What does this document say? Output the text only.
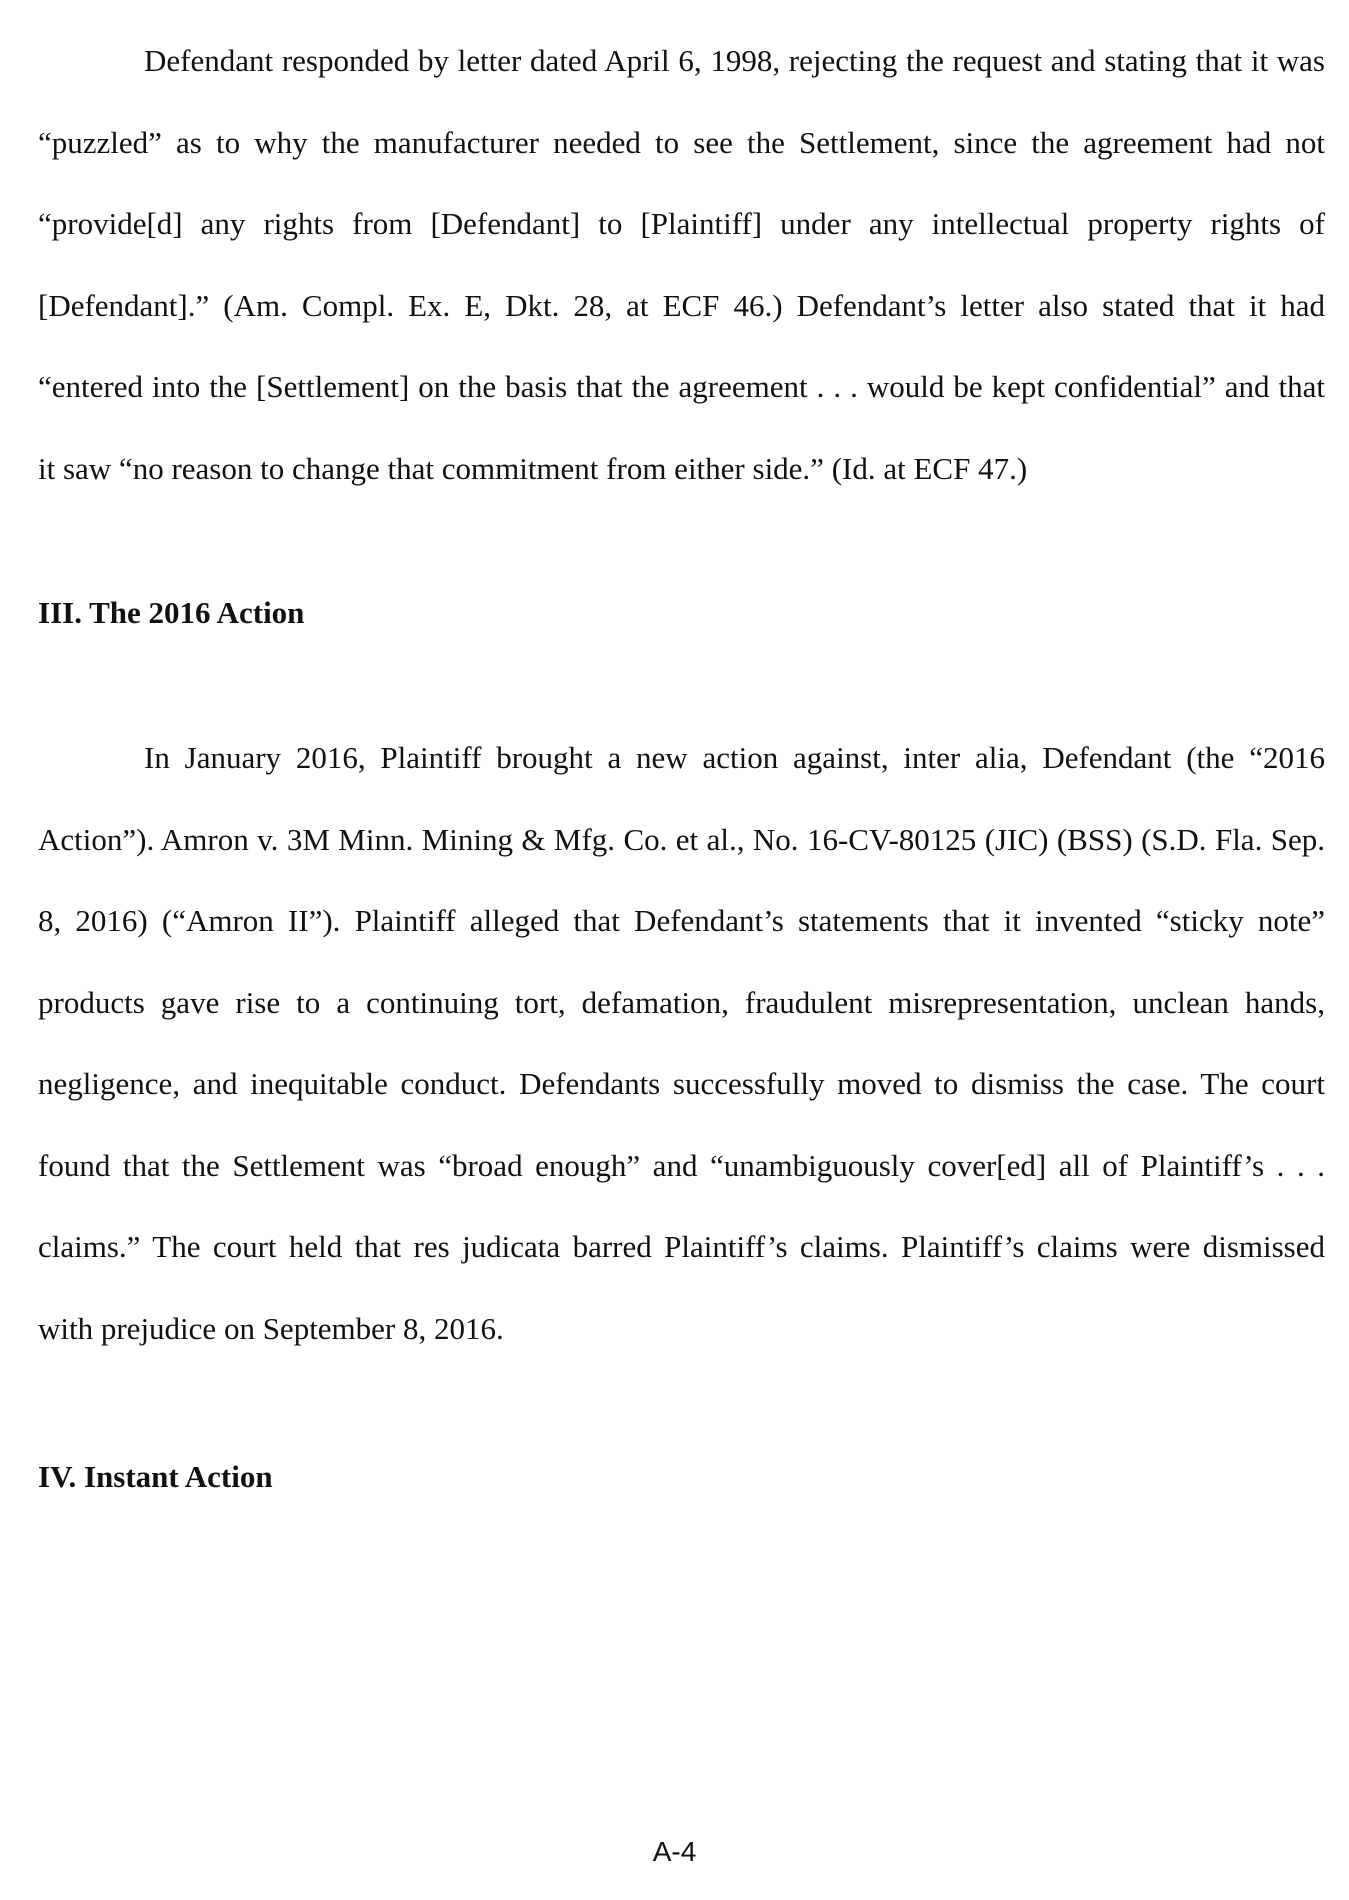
Defendant responded by letter dated April 6, 1998, rejecting the request and stating that it was “puzzled” as to why the manufacturer needed to see the Settlement, since the agreement had not “provide[d] any rights from [Defendant] to [Plaintiff] under any intellectual property rights of [Defendant].” (Am. Compl. Ex. E, Dkt. 28, at ECF 46.) Defendant’s letter also stated that it had “entered into the [Settlement] on the basis that the agreement . . . would be kept confidential” and that it saw “no reason to change that commitment from either side.” (Id. at ECF 47.)

III. The 2016 Action

In January 2016, Plaintiff brought a new action against, inter alia, Defendant (the “2016 Action”). Amron v. 3M Minn. Mining & Mfg. Co. et al., No. 16-CV-80125 (JIC) (BSS) (S.D. Fla. Sep. 8, 2016) (“Amron II”). Plaintiff alleged that Defendant’s statements that it invented “sticky note” products gave rise to a continuing tort, defamation, fraudulent misrepresentation, unclean hands, negligence, and inequitable conduct. Defendants successfully moved to dismiss the case. The court found that the Settlement was “broad enough” and “unambiguously cover[ed] all of Plaintiff’s . . . claims.” The court held that res judicata barred Plaintiff’s claims. Plaintiff’s claims were dismissed with prejudice on September 8, 2016.

IV. Instant Action
A-4
